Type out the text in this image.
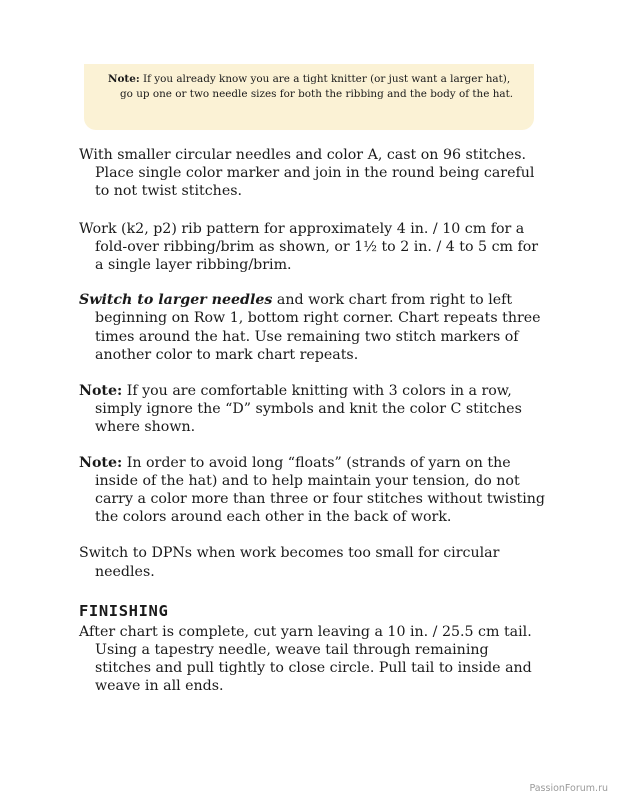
Note: If you already know you are a tight knitter (or just want a larger hat), go up one or two needle sizes for both the ribbing and the body of the hat.

With smaller circular needles and color A, cast on 96 stitches. Place single color marker and join in the round being careful to not twist stitches.

Work (k2, p2) rib pattern for approximately 4 in. / 10 cm for a fold-over ribbing/brim as shown, or 1½ to 2 in. / 4 to 5 cm for a single layer ribbing/brim.

Switch to larger needles and work chart from right to left beginning on Row 1, bottom right corner. Chart repeats three times around the hat. Use remaining two stitch markers of another color to mark chart repeats.

Note: If you are comfortable knitting with 3 colors in a row, simply ignore the “D” symbols and knit the color C stitches where shown.

Note: In order to avoid long “floats” (strands of yarn on the inside of the hat) and to help maintain your tension, do not carry a color more than three or four stitches without twisting the colors around each other in the back of work.

Switch to DPNs when work becomes too small for circular needles.

FINISHING

After chart is complete, cut yarn leaving a 10 in. / 25.5 cm tail. Using a tapestry needle, weave tail through remaining stitches and pull tightly to close circle. Pull tail to inside and weave in all ends.

PassionForum.ru
